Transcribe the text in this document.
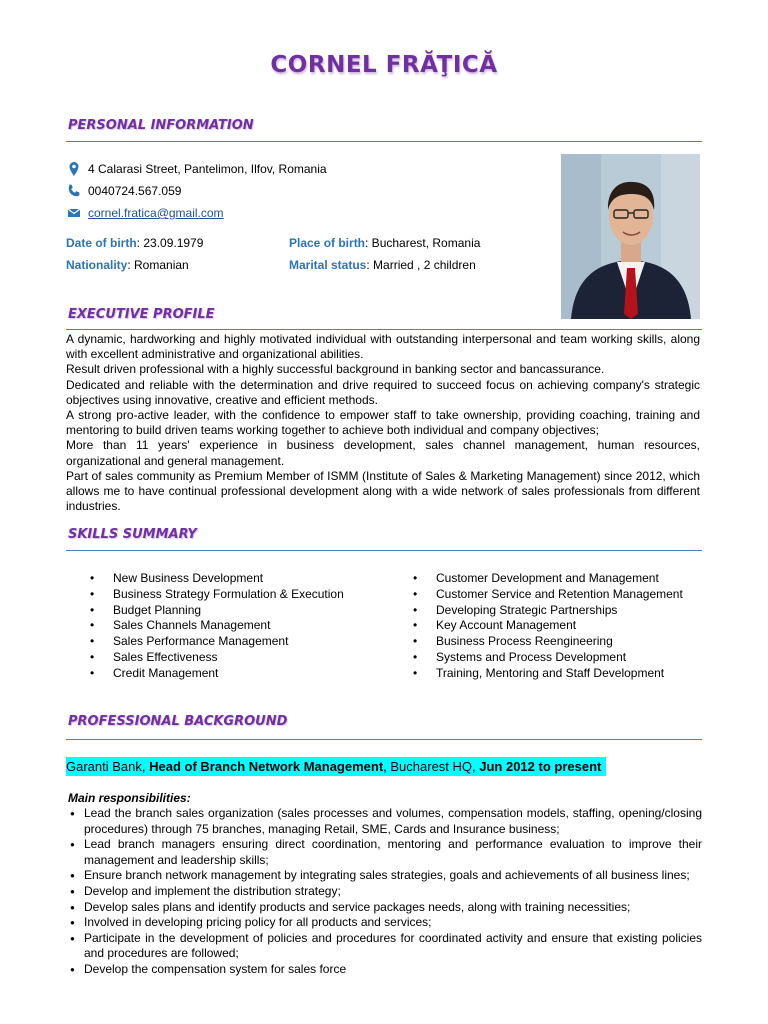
CORNEL FRĂŢICĂ
PERSONAL INFORMATION
4 Calarasi Street, Pantelimon, Ilfov, Romania
0040724.567.059
cornel.fratica@gmail.com
Date of birth: 23.09.1979	Place of birth: Bucharest, Romania
Nationality: Romanian	Marital status: Married , 2 children
EXECUTIVE PROFILE

A dynamic, hardworking and highly motivated individual with outstanding interpersonal and team working skills, along with excellent administrative and organizational abilities.

Result driven professional with a highly successful background in banking sector and bancassurance.

Dedicated and reliable with the determination and drive required to succeed focus on achieving company's strategic objectives using innovative, creative and efficient methods.

A strong pro-active leader, with the confidence to empower staff to take ownership, providing coaching, training and mentoring to build driven teams working together to achieve both individual and company objectives;

More than 11 years' experience in business development, sales channel management, human resources, organizational and general management.

Part of sales community as Premium Member of ISMM (Institute of Sales & Marketing Management) since 2012, which allows me to have continual professional development along with a wide network of sales professionals from different industries.

SKILLS SUMMARY
• New Business Development
• Business Strategy Formulation & Execution
• Budget Planning
• Sales Channels Management
• Sales Performance Management
• Sales Effectiveness
• Credit Management
• Customer Development and Management
• Customer Service and Retention Management
• Developing Strategic Partnerships
• Key Account Management
• Business Process Reengineering
• Systems and Process Development
• Training, Mentoring and Staff Development
PROFESSIONAL BACKGROUND
Garanti Bank, Head of Branch Network Management, Bucharest HQ, Jun 2012 to present
Main responsibilities:
● Lead the branch sales organization (sales processes and volumes, compensation models, staffing, opening/closing procedures) through 75 branches, managing Retail, SME, Cards and Insurance business;
● Lead branch managers ensuring direct coordination, mentoring and performance evaluation to improve their management and leadership skills;
● Ensure branch network management by integrating sales strategies, goals and achievements of all business lines;
● Develop and implement the distribution strategy;
● Develop sales plans and identify products and service packages needs, along with training necessities;
● Involved in developing pricing policy for all products and services;
● Participate in the development of policies and procedures for coordinated activity and ensure that existing policies and procedures are followed;
● Develop the compensation system for sales force
